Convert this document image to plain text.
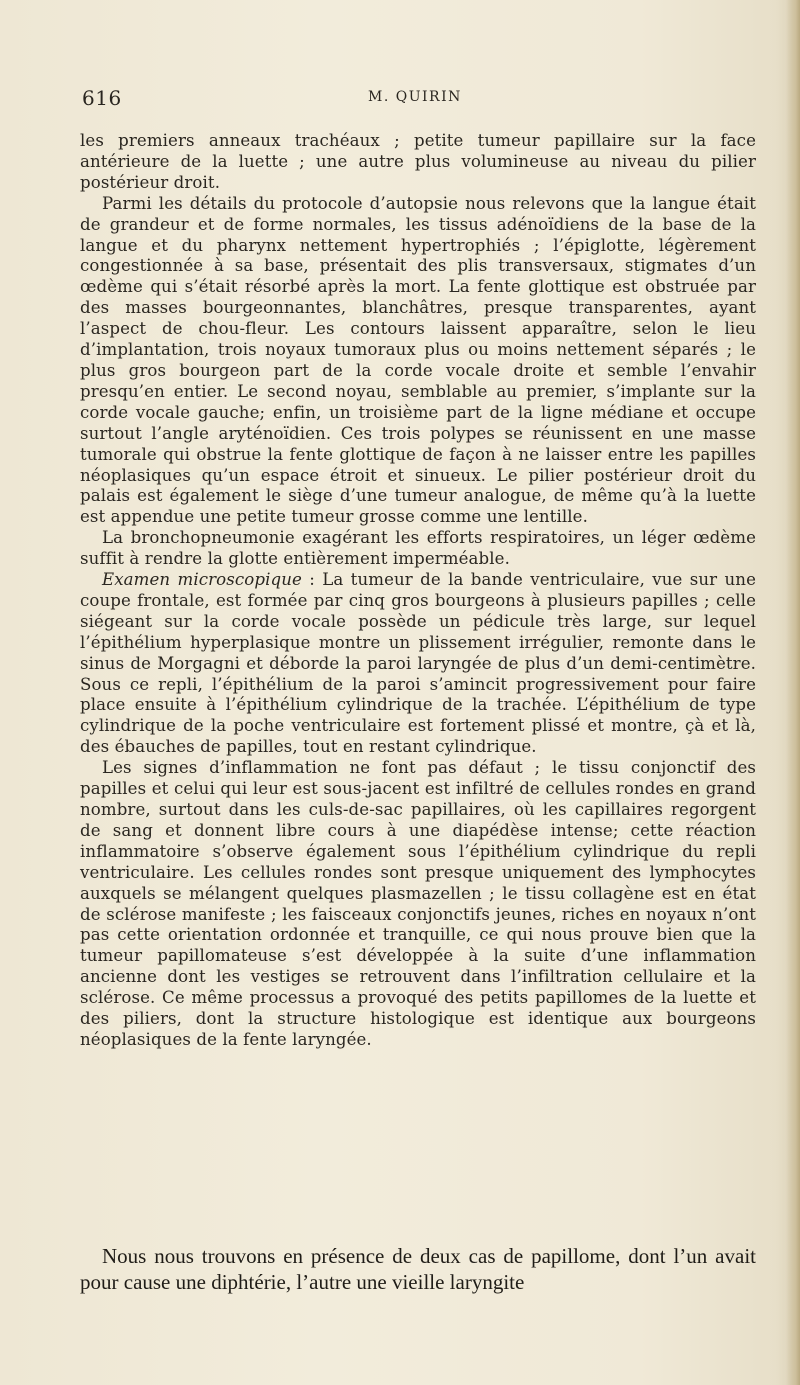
616	M. QUIRIN

les premiers anneaux trachéaux ; petite tumeur papillaire sur la face antérieure de la luette ; une autre plus volumineuse au niveau du pilier postérieur droit.

Parmi les détails du protocole d’autopsie nous relevons que la langue était de grandeur et de forme normales, les tissus adénoïdiens de la base de la langue et du pharynx nettement hypertrophiés ; l’épiglotte, légèrement congestionnée à sa base, présentait des plis transversaux, stigmates d’un œdème qui s’était résorbé après la mort. La fente glottique est obstruée par des masses bourgeonnantes, blanchâtres, presque transparentes, ayant l’aspect de chou-fleur. Les contours laissent apparaître, selon le lieu d’implantation, trois noyaux tumoraux plus ou moins nettement séparés ; le plus gros bourgeon part de la corde vocale droite et semble l’envahir presqu’en entier. Le second noyau, semblable au premier, s’implante sur la corde vocale gauche; enfin, un troisième part de la ligne médiane et occupe surtout l’angle aryténoïdien. Ces trois polypes se réunissent en une masse tumorale qui obstrue la fente glottique de façon à ne laisser entre les papilles néoplasiques qu’un espace étroit et sinueux. Le pilier postérieur droit du palais est également le siège d’une tumeur analogue, de même qu’à la luette est appendue une petite tumeur grosse comme une lentille.

La bronchopneumonie exagérant les efforts respiratoires, un léger œdème suffit à rendre la glotte entièrement imperméable.

Examen microscopique : La tumeur de la bande ventriculaire, vue sur une coupe frontale, est formée par cinq gros bourgeons à plusieurs papilles ; celle siégeant sur la corde vocale possède un pédicule très large, sur lequel l’épithélium hyperplasique montre un plissement irrégulier, remonte dans le sinus de Morgagni et déborde la paroi laryngée de plus d’un demi-centimètre. Sous ce repli, l’épithélium de la paroi s’amincit progressivement pour faire place ensuite à l’épithélium cylindrique de la trachée. L’épithélium de type cylindrique de la poche ventriculaire est fortement plissé et montre, çà et là, des ébauches de papilles, tout en restant cylindrique.

Les signes d’inflammation ne font pas défaut ; le tissu conjonctif des papilles et celui qui leur est sous-jacent est infiltré de cellules rondes en grand nombre, surtout dans les culs-de-sac papillaires, où les capillaires regorgent de sang et donnent libre cours à une diapédèse intense; cette réaction inflammatoire s’observe également sous l’épithélium cylindrique du repli ventriculaire. Les cellules rondes sont presque uniquement des lymphocytes auxquels se mélangent quelques plasmazellen ; le tissu collagène est en état de sclérose manifeste ; les faisceaux conjonctifs jeunes, riches en noyaux n’ont pas cette orientation ordonnée et tranquille, ce qui nous prouve bien que la tumeur papillomateuse s’est développée à la suite d’une inflammation ancienne dont les vestiges se retrouvent dans l’infiltration cellulaire et la sclérose. Ce même processus a provoqué des petits papillomes de la luette et des piliers, dont la structure histologique est identique aux bourgeons néoplasiques de la fente laryngée.

Nous nous trouvons en présence de deux cas de papillome, dont l’un avait pour cause une diphtérie, l’autre une vieille laryngite
